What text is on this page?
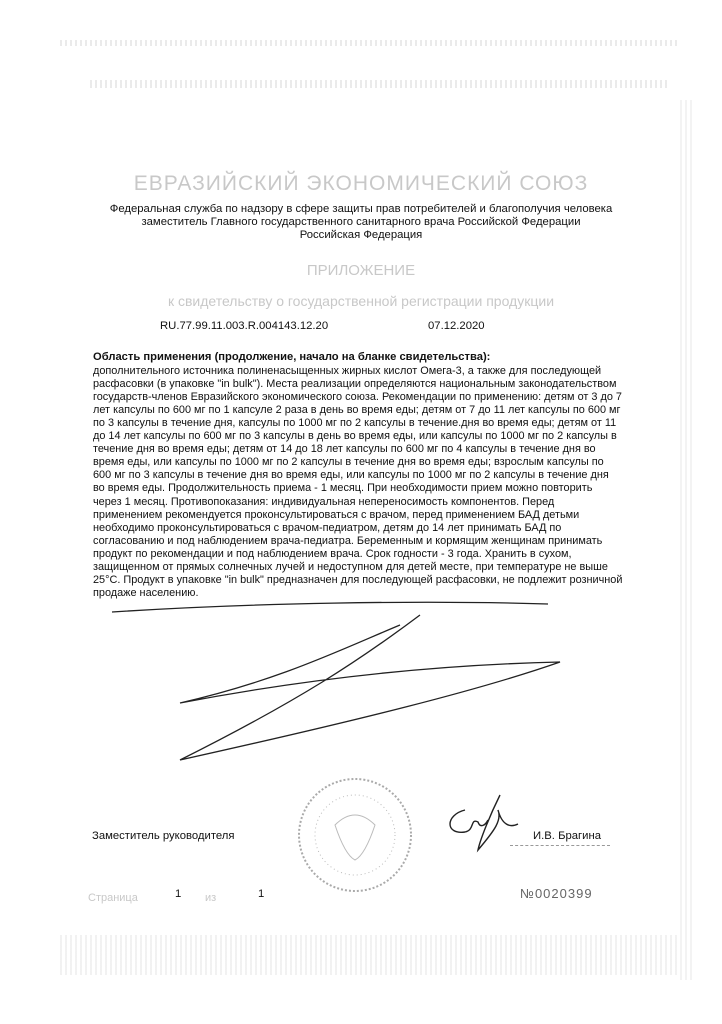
ЕВРАЗИЙСКИЙ ЭКОНОМИЧЕСКИЙ СОЮЗ
Федеральная служба по надзору в сфере защиты прав потребителей и благополучия человека
заместитель Главного государственного санитарного врача Российской Федерации
Российская Федерация
ПРИЛОЖЕНИЕ
к свидетельству о государственной регистрации продукции
RU.77.99.11.003.R.004143.12.20	07.12.2020

Область применения (продолжение, начало на бланке свидетельства):

дополнительного источника полиненасыщенных жирных кислот Омега-3, а также для последующей расфасовки (в упаковке "in bulk"). Места реализации определяются национальным законодательством государств-членов Евразийского экономического союза. Рекомендации по применению: детям от 3 до 7 лет капсулы по 600 мг по 1 капсуле 2 раза в день во время еды; детям от 7 до 11 лет капсулы по 600 мг по 3 капсулы в течение дня, капсулы по 1000 мг по 2 капсулы в течение.дня во время еды; детям от 11 до 14 лет капсулы по 600 мг по 3 капсулы в день во время еды, или капсулы по 1000 мг по 2 капсулы в течение дня во время еды; детям от 14 до 18 лет капсулы по 600 мг по 4 капсулы в течение дня во время еды, или капсулы по 1000 мг по 2 капсулы в течение дня во время еды; взрослым капсулы по 600 мг по 3 капсулы в течение дня во время еды, или капсулы по 1000 мг по 2 капсулы в течение дня во время еды. Продолжительность приема - 1 месяц. При необходимости прием можно повторить через 1 месяц. Противопоказания: индивидуальная непереносимость компонентов. Перед применением рекомендуется проконсультироваться с врачом, перед применением БАД детьми необходимо проконсультироваться с врачом-педиатром, детям до 14 лет принимать БАД по согласованию и под наблюдением врача-педиатра. Беременным и кормящим женщинам принимать продукт по рекомендации и под наблюдением врача. Срок годности - 3 года. Хранить в сухом, защищенном от прямых солнечных лучей и недоступном для детей месте, при температуре не выше 25°C. Продукт в упаковке "in bulk" предназначен для последующей расфасовки, не подлежит розничной продаже населению.

Заместитель руководителя	И.В. Брагина
Страница	1 из	1	№0020399
